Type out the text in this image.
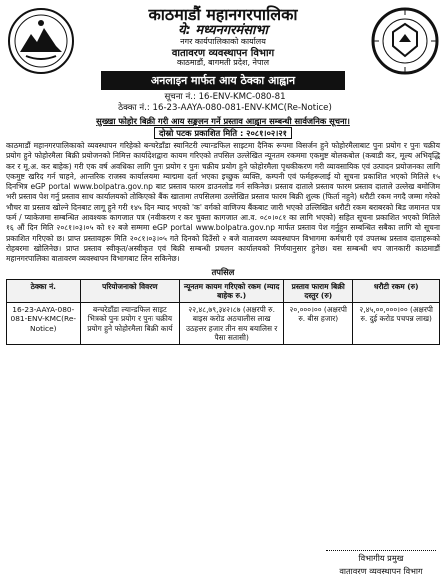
काठमाडौं महानगरपालिका
ये: मध्यनगरमंसाभा
नगर कार्यपालिकाको कार्यालय
वातावरण व्यवस्थापन विभाग
काठमाडौं, बागमती प्रदेश, नेपाल
अनलाइन मार्फत आय ठेक्का आह्वान
सूचना नं.: 16-ENV-KMC-080-81
ठेक्का नं.: 16-23-AAYA-080-081-ENV-KMC(Re-Notice)
सुख्खा फोहोर बिक्री गरी आय सङ्कलन गर्ने प्रस्ताव आह्वान सम्बन्धी सार्वजनिक सूचना।
दोस्रो पटक प्रकाशित मिति : २०८१।०२।२१

काठमाडौं महानगरपालिकाको व्यवस्थापन गरिहेको बन्चरेडाँडा स्यानिटरी ल्यान्डफिल साइटमा दैनिक रूपमा विसर्जन हुने फोहोरमैलाबाट पुनः प्रयोग र पुनः चक्रीय प्रयोग हुने फोहोरमैला बिक्री प्रयोजनको निमित्त कार्यादेशद्वारा कायम गरिएको तपसिल उल्लेखित न्यूनतम रकममा एकमुष्ट बोलकबोल (कबाडी कर, मूल्य अभिवृद्धि कर र मू.अ. कर बाहेक) गरी एक वर्ष अवधिका लागि पुनः प्रयोग र पुनः चक्रीय प्रयोग हुने फोहोरमैला पृथकीकरण गरी व्यावसायिक एवं उत्पादन प्रयोजनका लागि एकमुष्ट खरिद गर्न चाहने, आन्तरिक राजस्व कार्यालयमा म्याद्ममा दर्ता भएका इच्छुक व्यक्ति, कम्पनी एवं फर्महरूलाई यो सूचना प्रकाशित भएको मितिले १५ दिनभित्र eGP portal www.bolpatra.gov.np बाट प्रस्ताव फारम डाउनलोड गर्न सकिनेछ। प्रस्ताव दाताले प्रस्ताव फारम प्रस्ताव दाताले उल्लेख बमोजिम भरी प्रस्ताव पेश गर्नु प्रस्ताव साथ कार्यालयको तोकिएको बैंक खातामा तपसिलमा उल्लेखित प्रस्ताव फारम बिक्री शुल्क (फिर्ता नहुने) धरौटी रकम नगदै जम्मा गरेको भौचर वा प्रस्ताव खोल्ने दिनबाट लागू हुने गरी १४५ दिन म्याद भएको 'क' वर्गको वाणिज्य बैंकबाट जारी भएको उल्लिखित धरौटी रकम बराबरको बिड जमानत पत्र फर्म / प्याकेजमा सम्बन्धित आवश्यक कागजात पत्र (नवीकरण र कर चुक्ता कागजात आ.व. ०८०।०८१ का लागि भएको) सहित सूचना प्रकाशित भएको मितिले १६ औं दिन मिति २०८१।०३।०५ को १२ बजे सम्ममा eGP portal www.bolpatra.gov.np मार्फत प्रस्ताव पेश गर्नुहुन सम्बन्धित सबैका लागि यो सूचना प्रकाशित गरिएको छ। प्राप्त प्रस्तावहरू मिति २०८१।०३।०५ गते दिनको दिउँसो २ बजे वातावरण व्यवस्थापन विभागमा कर्मचारी एवं उपलब्ध प्रस्ताव दाताहरूको रोहबरमा खोलिनेछ। प्राप्त प्रस्ताव स्वीकृत/अस्वीकृत एवं बिक्री सम्बन्धी प्रचलन कार्यालयको निर्णयानुसार हुनेछ। यस सम्बन्धी थप जानकारी काठमाडौं महानगरपालिका वातावरण व्यवस्थापन विभागबाट लिन सकिनेछ।

तपसिल
ठेक्का नं.	परियोजनाको विवरण	न्यूनतम कायम गरिएको रकम (म्याद बाहेक रु.)	प्रस्ताव फाराम बिक्री दस्तुर (रु)	धरौटी रकम (रु)
16-23-AAYA-080-081-ENV-KMC(Re-Notice)	बन्चरेडाँडा ल्यान्डफिल साइट भित्रको पुनः प्रयोग र पुनः चक्रीय प्रयोग हुने फोहोरमैला बिक्री कार्य	२२,४८,७९,३४२।८७ (अक्षरपी रु. बाइस करोड अठचालीस लाख उठहत्तर हजार तीन सय बयालिस र पैसा सतासी)	२०,०००।०० (अक्षरपी रु. बीस हजार)	२,४५,००,०००।०० (अक्षरपी रु. दुई करोड पचपन्न लाख)
विभागीय प्रमुख
वातावरण व्यवस्थापन विभाग
